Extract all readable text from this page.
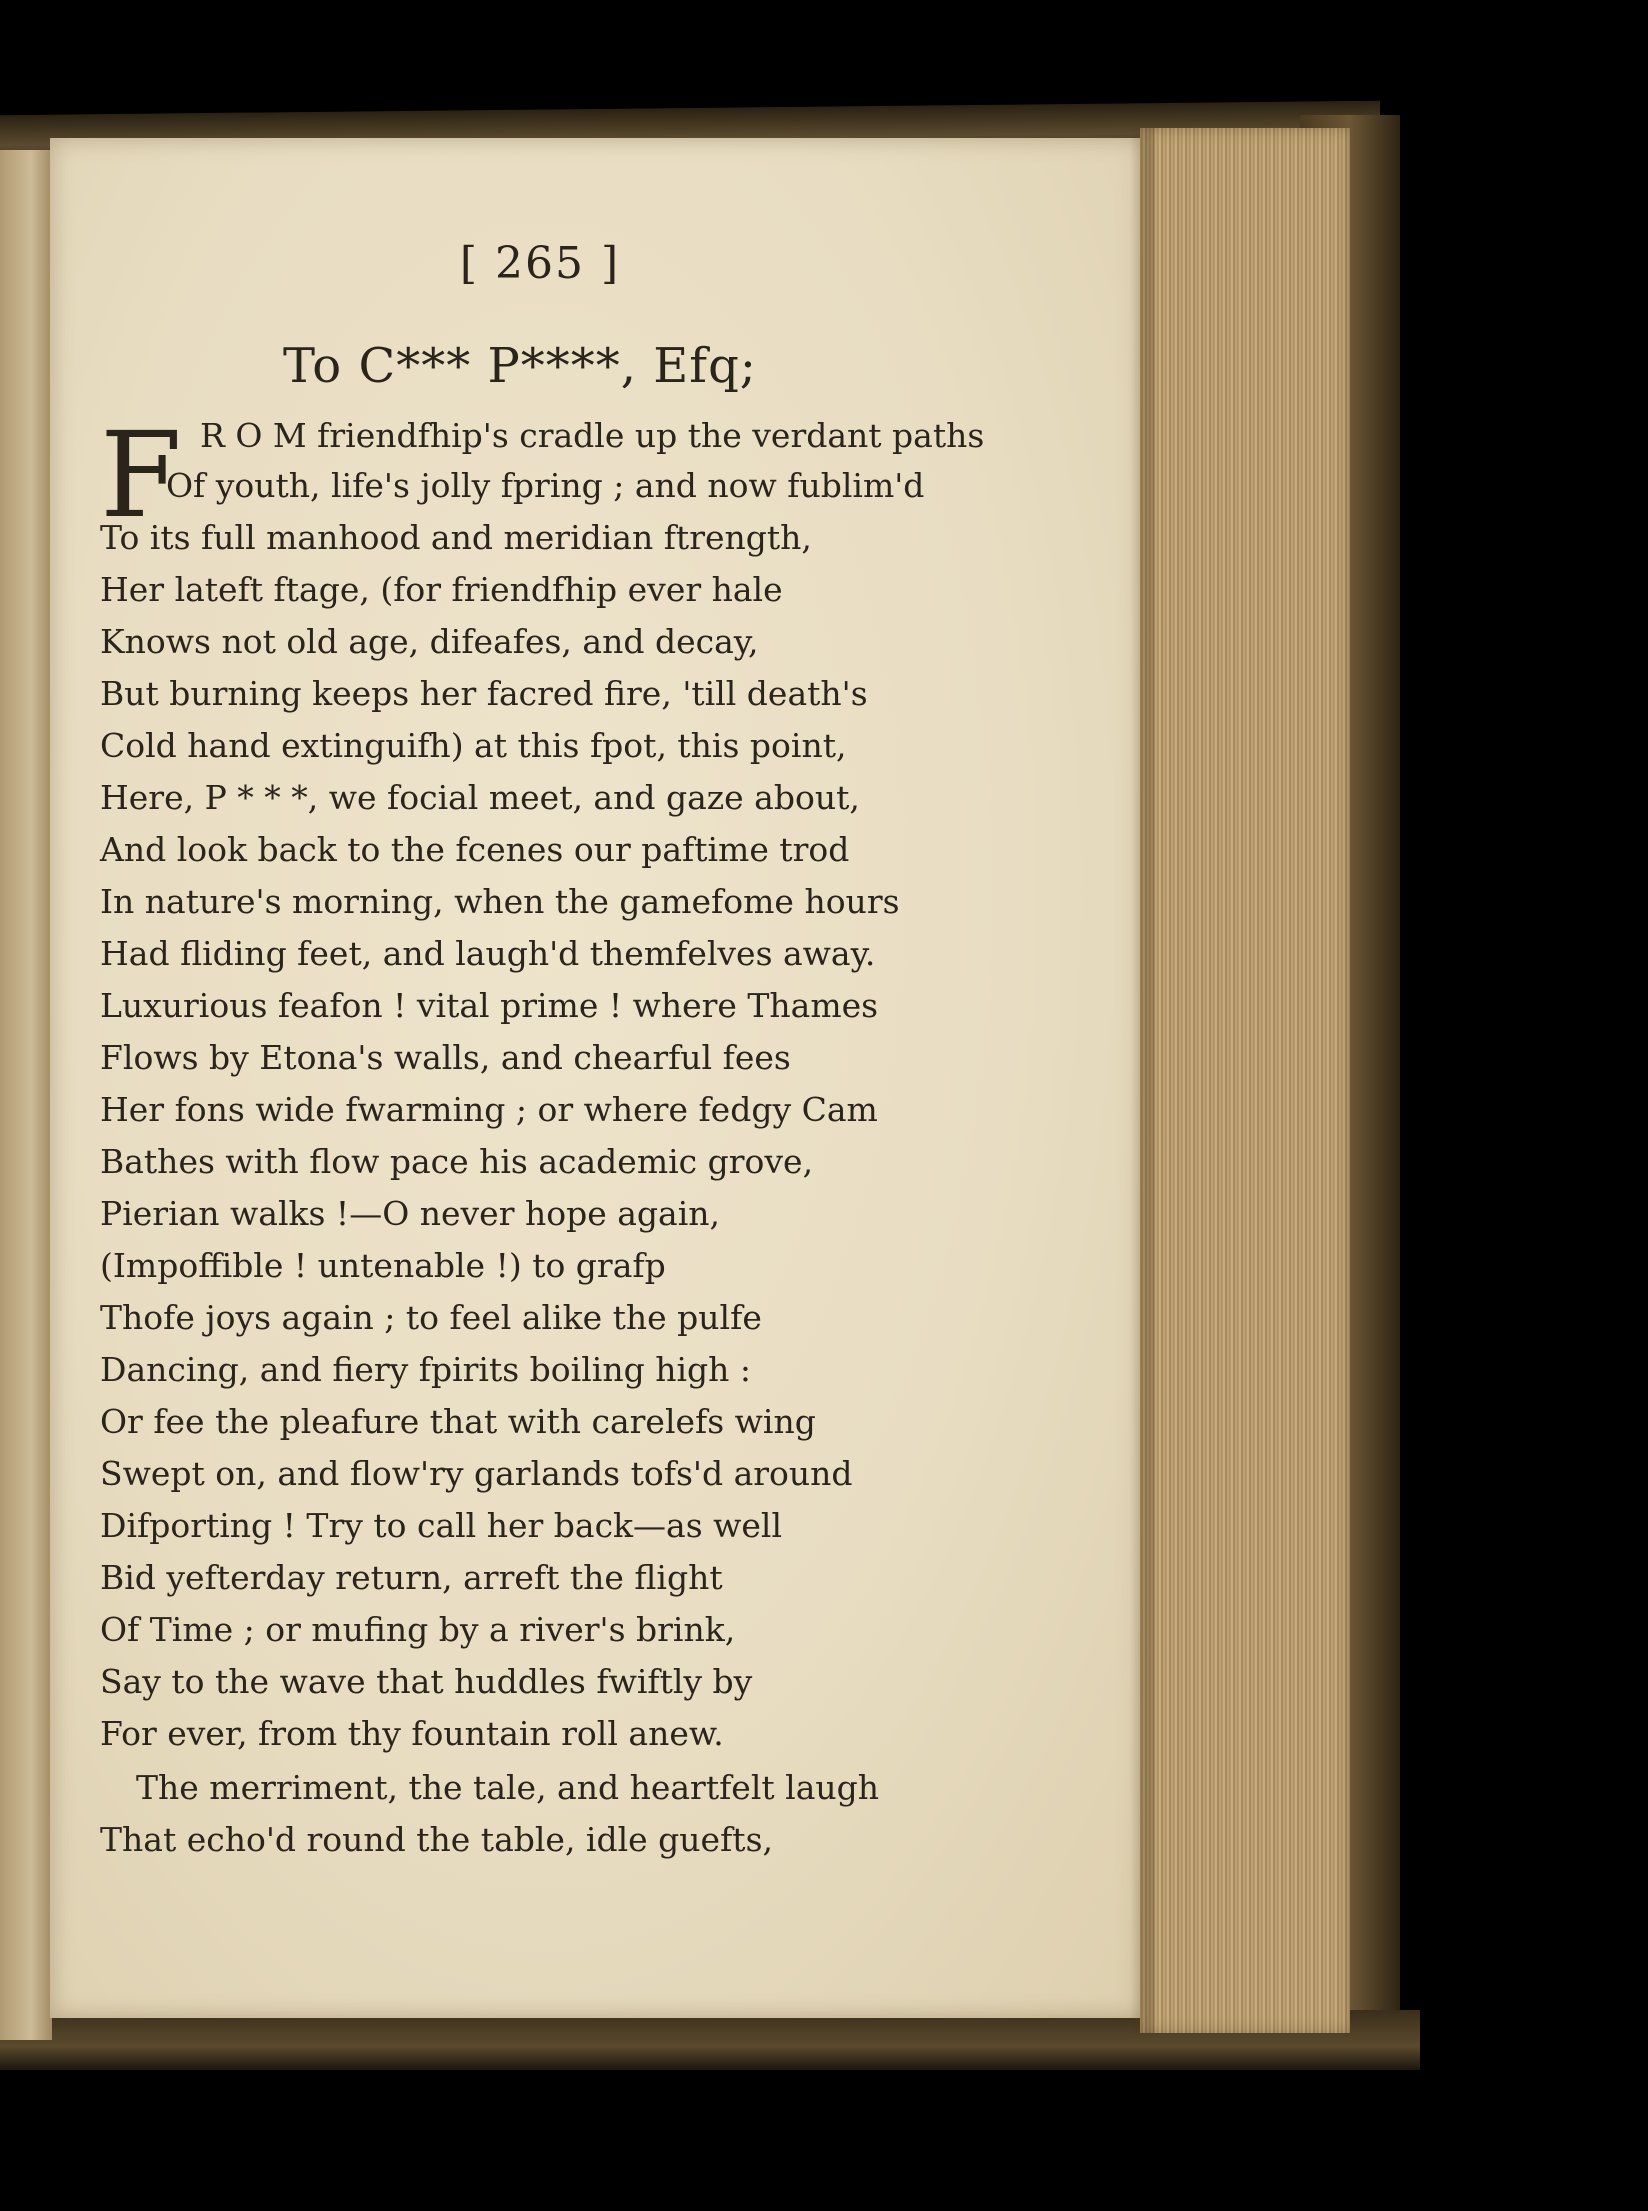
[ 265 ]
To C*** P****, Efq;
F R O M friendfhip's cradle up the verdant paths
Of youth, life's jolly fpring ; and now fublim'd
To its full manhood and meridian ftrength,
Her lateft ftage, (for friendfhip ever hale
Knows not old age, difeafes, and decay,
But burning keeps her facred fire, 'till death's
Cold hand extinguifh) at this fpot, this point,
Here, P * * *, we focial meet, and gaze about,
And look back to the fcenes our paftime trod
In nature's morning, when the gamefome hours
Had fliding feet, and laugh'd themfelves away.
Luxurious feafon ! vital prime ! where Thames
Flows by Etona's walls, and chearful fees
Her fons wide fwarming ; or where fedgy Cam
Bathes with flow pace his academic grove,
Pierian walks !—O never hope again,
(Impoffible ! untenable !) to grafp
Thofe joys again ; to feel alike the pulfe
Dancing, and fiery fpirits boiling high :
Or fee the pleafure that with carelefs wing
Swept on, and flow'ry garlands tofs'd around
Difporting ! Try to call her back—as well
Bid yefterday return, arreft the flight
Of Time ; or mufing by a river's brink,
Say to the wave that huddles fwiftly by
For ever, from thy fountain roll anew.
The merriment, the tale, and heartfelt laugh
That echo'd round the table, idle guefts,
